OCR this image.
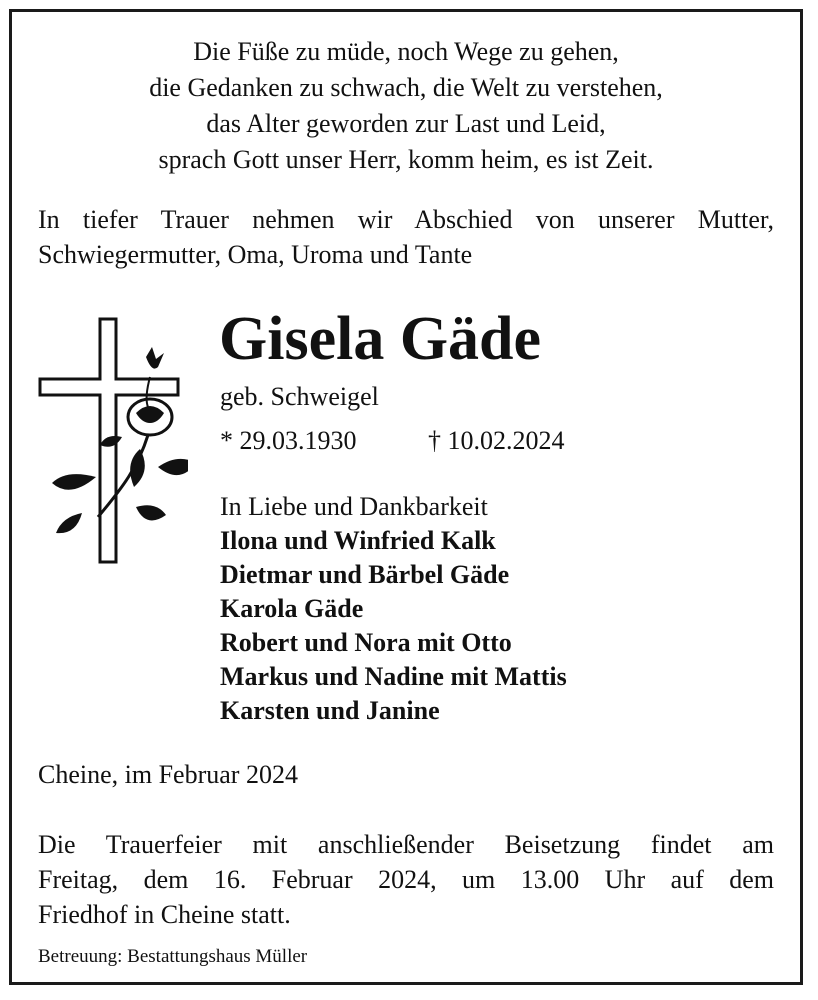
Die Füße zu müde, noch Wege zu gehen,
die Gedanken zu schwach, die Welt zu verstehen,
das Alter geworden zur Last und Leid,
sprach Gott unser Herr, komm heim, es ist Zeit.
In tiefer Trauer nehmen wir Abschied von unserer Mutter,
Schwiegermutter, Oma, Uroma und Tante
Gisela Gäde
geb. Schweigel
* 29.03.1930	† 10.02.2024
In Liebe und Dankbarkeit
Ilona und Winfried Kalk
Dietmar und Bärbel Gäde
Karola Gäde
Robert und Nora mit Otto
Markus und Nadine mit Mattis
Karsten und Janine
Cheine, im Februar 2024
Die Trauerfeier mit anschließender Beisetzung findet am
Freitag, dem 16. Februar 2024, um 13.00 Uhr auf dem
Friedhof in Cheine statt.
Betreuung: Bestattungshaus Müller
